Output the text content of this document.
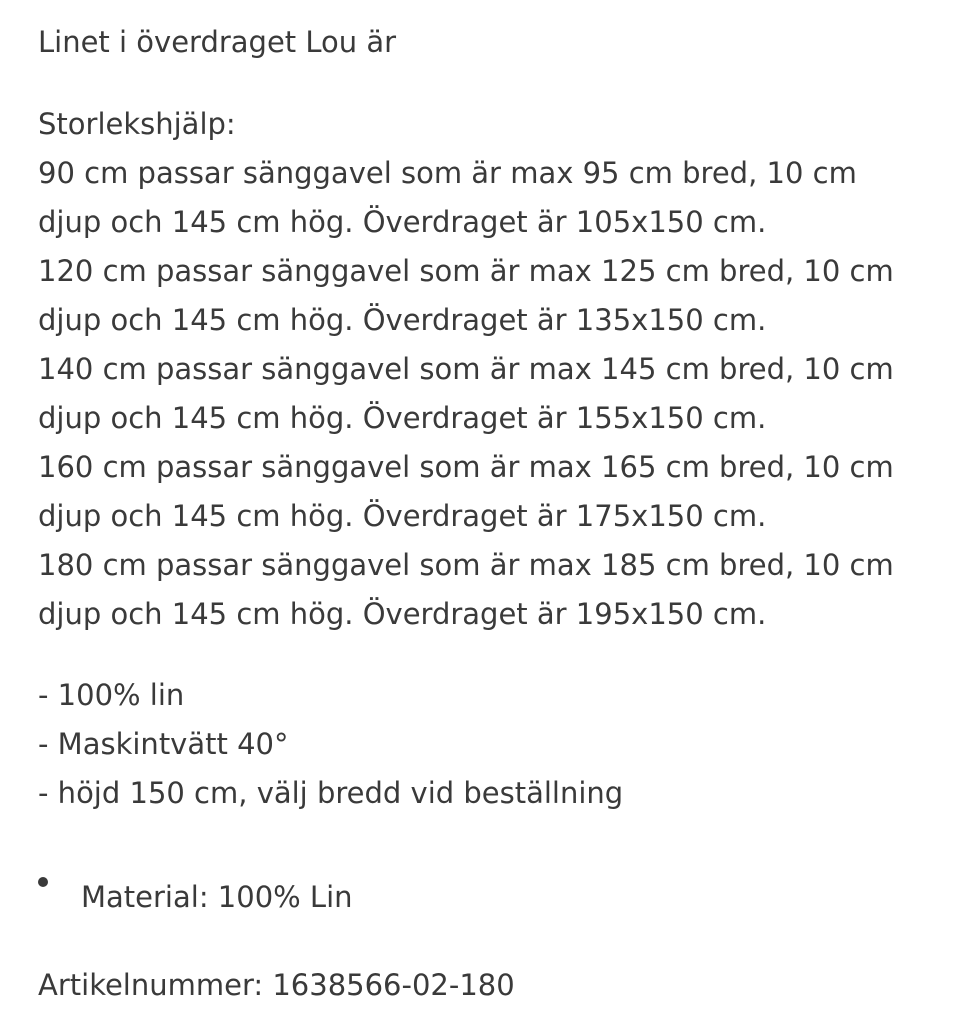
Linet i överdraget Lou är

Storlekshjälp:
90 cm passar sänggavel som är max 95 cm bred, 10 cm
djup och 145 cm hög. Överdraget är 105x150 cm.
120 cm passar sänggavel som är max 125 cm bred, 10 cm
djup och 145 cm hög. Överdraget är 135x150 cm.
140 cm passar sänggavel som är max 145 cm bred, 10 cm
djup och 145 cm hög. Överdraget är 155x150 cm.
160 cm passar sänggavel som är max 165 cm bred, 10 cm
djup och 145 cm hög. Överdraget är 175x150 cm.
180 cm passar sänggavel som är max 185 cm bred, 10 cm
djup och 145 cm hög. Överdraget är 195x150 cm.
- 100% lin
- Maskintvätt 40°
- höjd 150 cm, välj bredd vid beställning

Material: 100% Lin

Artikelnummer: 1638566-02-180
